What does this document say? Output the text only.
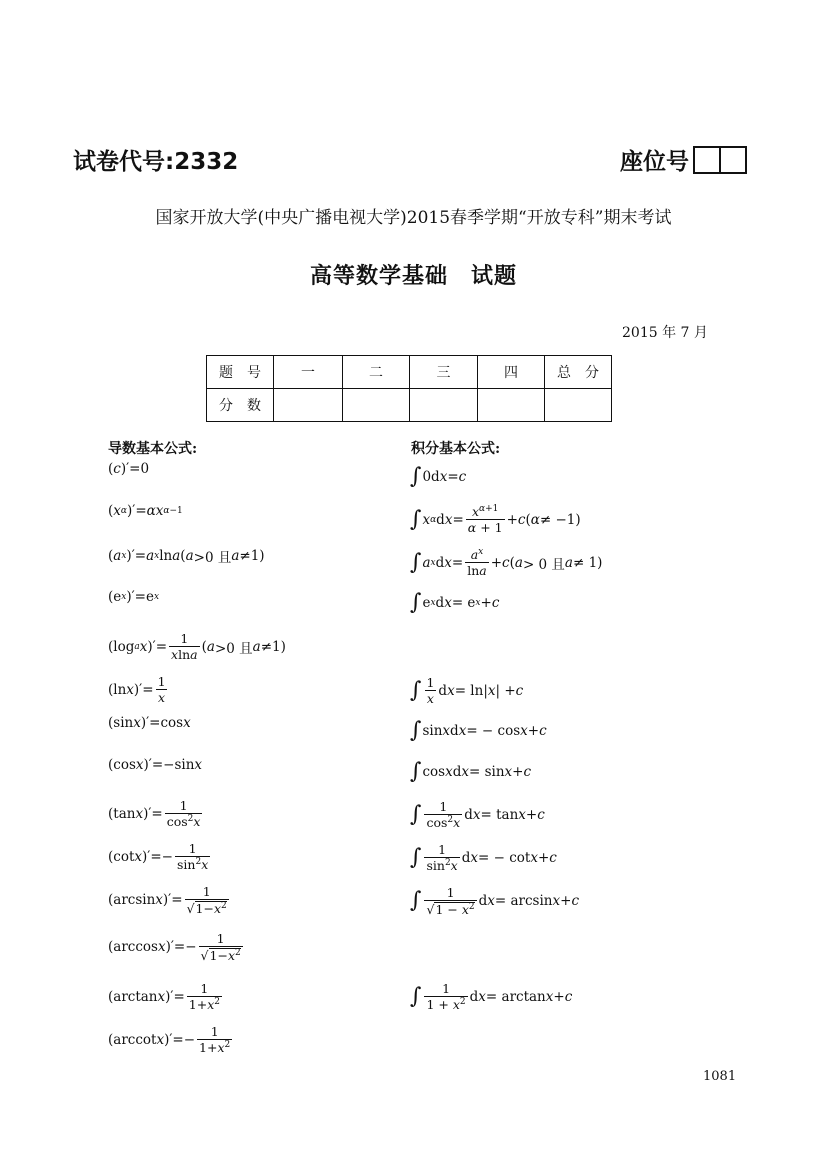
试卷代号:2332	座位号
国家开放大学(中央广播电视大学)2015春季学期“开放专科”期末考试
高等数学基础　试题
2015 年 7 月
题　号	一	二	三	四	总　分
分　数					
导数基本公式:
( c )′=0
( x α )′= αx α−1
( a x )′= a x ln a ( a >0 且 a ≠1)
(e x )′=e x
(log a x )′= $\frac{1}{xlna}$ ( a >0 且 a ≠1)
(ln x )′= $\frac{1}{x}$
(sin x )′=cos x
(cos x )′=−sin x
(tan x )′= $\frac{1}{\cos^2x}$
(cot x )′=− $\frac{1}{\sin^2x}$
(arcsin x )′= $\frac{1}{√ 1-x^2}$
(arccos x )′=− $\frac{1}{√ 1-x^2}$
(arctan x )′= $\frac{1}{1+x^2}$
(arccot x )′=− $\frac{1}{1+x^2}$
积分基本公式:
∫ 0d x = c
∫ x α d $x = \frac{x^{\alpha+1}}{\alpha + 1} + c$ ( α ≠ −1)
∫ a x d $x = \frac{a^x}{\ln a} + c$ ( a > 0 且 a ≠ 1)
∫ e x d x = e x + c
∫ $\frac{1}{x}$ d x = ln| x | + c
∫ sin x d x = − cos x + c
∫ cos x d x = sin x + c
∫ $\frac{1}{\cos^2x}$ d x = tan x + c
∫ $\frac{1}{\sin^2x}$ d x = − cot x + c
∫ $\frac{1}{√ 1 - x^2}$ d x = arcsin x + c
∫ $\frac{1}{1 + x^2}$ d x = arctan x + c
1081
